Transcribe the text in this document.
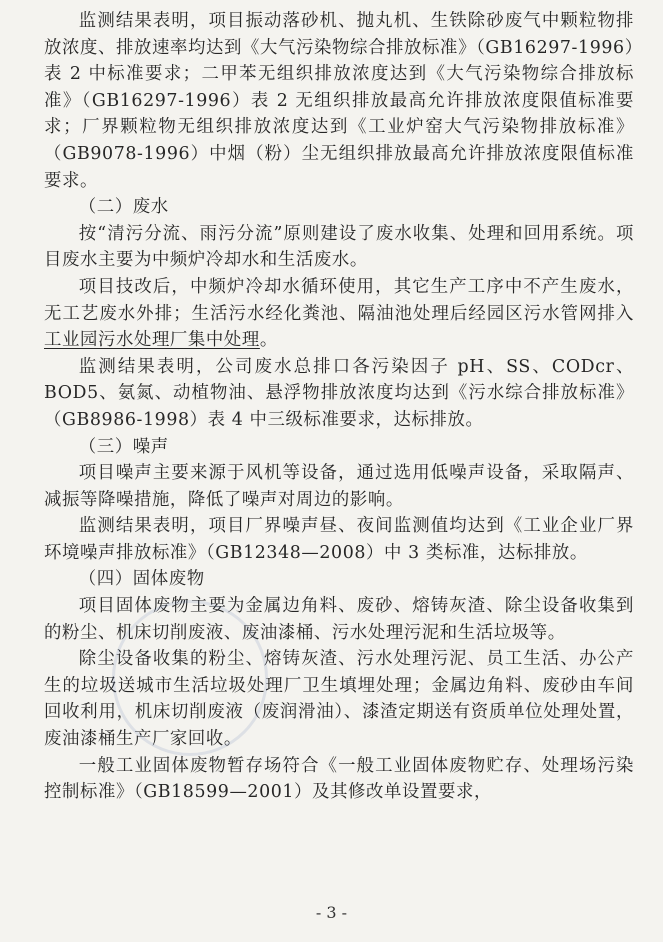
监测结果表明，项目振动落砂机、抛丸机、生铁除砂废气中颗粒物排放浓度、排放速率均达到《大气污染物综合排放标准》（GB16297-1996）表 2 中标准要求；二甲苯无组织排放浓度达到《大气污染物综合排放标准》（GB16297-1996）表 2 无组织排放最高允许排放浓度限值标准要求；厂界颗粒物无组织排放浓度达到《工业炉窑大气污染物排放标准》（GB9078-1996）中烟（粉）尘无组织排放最高允许排放浓度限值标准要求。

（二）废水

按“清污分流、雨污分流”原则建设了废水收集、处理和回用系统。项目废水主要为中频炉冷却水和生活废水。

项目技改后，中频炉冷却水循环使用，其它生产工序中不产生废水，无工艺废水外排；生活污水经化粪池、隔油池处理后经园区污水管网排入工业园污水处理厂集中处理。

监测结果表明，公司废水总排口各污染因子 pH、SS、CODcr、BOD5、氨氮、动植物油、悬浮物排放浓度均达到《污水综合排放标准》（GB8986-1998）表 4 中三级标准要求，达标排放。

（三）噪声

项目噪声主要来源于风机等设备，通过选用低噪声设备，采取隔声、减振等降噪措施，降低了噪声对周边的影响。

监测结果表明，项目厂界噪声昼、夜间监测值均达到《工业企业厂界环境噪声排放标准》（GB12348—2008）中 3 类标准，达标排放。

（四）固体废物

项目固体废物主要为金属边角料、废砂、熔铸灰渣、除尘设备收集到的粉尘、机床切削废液、废油漆桶、污水处理污泥和生活垃圾等。

除尘设备收集的粉尘、熔铸灰渣、污水处理污泥、员工生活、办公产生的垃圾送城市生活垃圾处理厂卫生填埋处理；金属边角料、废砂由车间回收利用，机床切削废液（废润滑油）、漆渣定期送有资质单位处理处置，废油漆桶生产厂家回收。

一般工业固体废物暂存场符合《一般工业固体废物贮存、处理场污染控制标准》（GB18599—2001）及其修改单设置要求，

- 3 -
